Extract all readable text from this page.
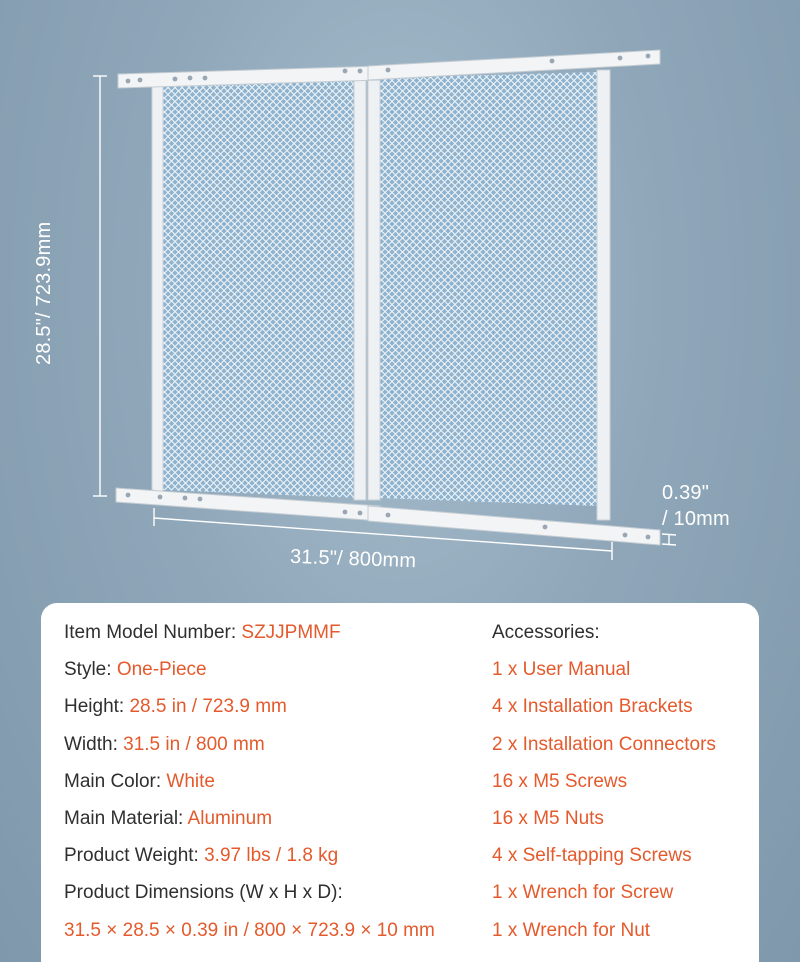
28.5"/ 723.9mm
31.5"/ 800mm
0.39"
/ 10mm
Item Model Number: SZJJPMMF
Style: One-Piece
Height: 28.5 in / 723.9 mm
Width: 31.5 in / 800 mm
Main Color: White
Main Material: Aluminum
Product Weight: 3.97 lbs / 1.8 kg
Product Dimensions (W x H x D):
31.5 × 28.5 × 0.39 in / 800 × 723.9 × 10 mm
Accessories:
1 x User Manual
4 x Installation Brackets
2 x Installation Connectors
16 x M5 Screws
16 x M5 Nuts
4 x Self-tapping Screws
1 x Wrench for Screw
1 x Wrench for Nut
